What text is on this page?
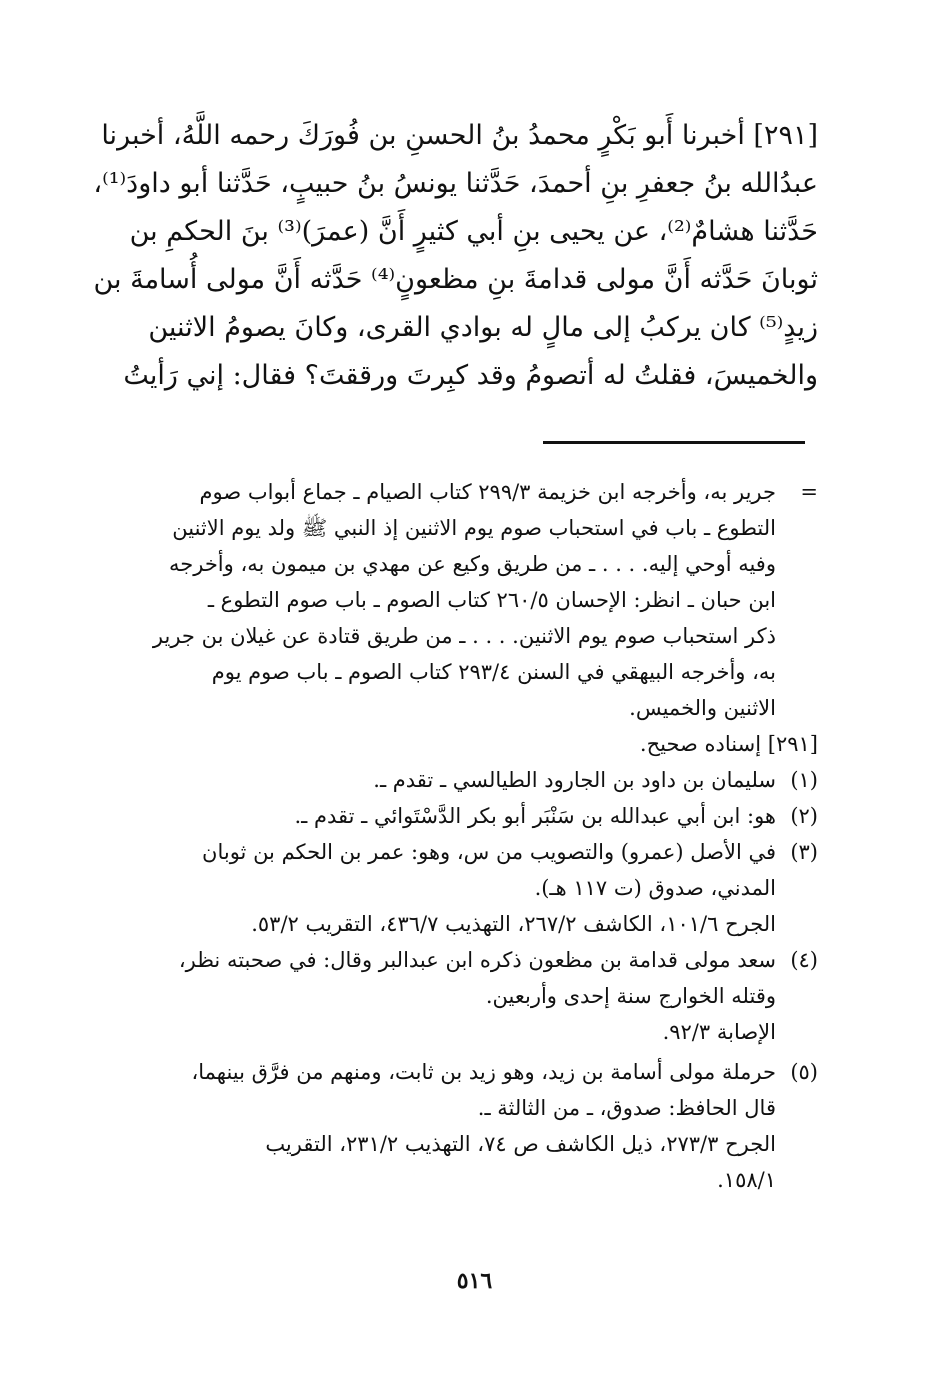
[٢٩١] أخبرنا أَبو بَكْرٍ محمدُ بنُ الحسنِ بن فُورَكَ رحمه اللَّهُ، أخبرنا
عبدُالله بنُ جعفرِ بنِ أحمدَ، حَدَّثنا يونسُ بنُ حبيبٍ، حَدَّثنا أبو داودَ⁽¹⁾،
حَدَّثنا هشامٌ⁽²⁾، عن يحيى بنِ أبي كثيرٍ أَنَّ (عمرَ)⁽³⁾ بنَ الحكمِ بن
ثوبانَ حَدَّثه أَنَّ مولى قدامةَ بنِ مظعونٍ⁽⁴⁾ حَدَّثه أَنَّ مولى أُسامةَ بن
زيدٍ⁽⁵⁾ كان يركبُ إلى مالٍ له بوادي القرى، وكانَ يصومُ الاثنين
والخميسَ، فقلتُ له أتصومُ وقد كبِرتَ ورققتَ؟ فقال: إني رَأيتُ
=
جرير به، وأخرجه ابن خزيمة ٢٩٩/٣ كتاب الصيام ـ جماع أبواب صوم
التطوع ـ باب في استحباب صوم يوم الاثنين إذ النبي ﷺ ولد يوم الاثنين
وفيه أوحي إليه. . . . ـ من طريق وكيع عن مهدي بن ميمون به، وأخرجه
ابن حبان ـ انظر: الإحسان ٢٦٠/٥ كتاب الصوم ـ باب صوم التطوع ـ
ذكر استحباب صوم يوم الاثنين. . . . ـ من طريق قتادة عن غيلان بن جرير
به، وأخرجه البيهقي في السنن ٢٩٣/٤ كتاب الصوم ـ باب صوم يوم
الاثنين والخميس.
[٢٩١] إسناده صحيح.
(١)
سليمان بن داود بن الجارود الطيالسي ـ تقدم ـ.
(٢)
هو: ابن أبي عبدالله بن سَنْبَر أبو بكر الدَّسْتَوائي ـ تقدم ـ.
(٣)
في الأصل (عمرو) والتصويب من س، وهو: عمر بن الحكم بن ثوبان
المدني، صدوق (ت ١١٧ هـ).
الجرح ١٠١/٦، الكاشف ٢٦٧/٢، التهذيب ٤٣٦/٧، التقريب ٥٣/٢.
(٤)
سعد مولى قدامة بن مظعون ذكره ابن عبدالبر وقال: في صحبته نظر،
وقتله الخوارج سنة إحدى وأربعين.
الإصابة ٩٢/٣.
(٥)
حرملة مولى أسامة بن زيد، وهو زيد بن ثابت، ومنهم من فرَّق بينهما،
قال الحافظ: صدوق، ـ من الثالثة ـ.
الجرح ٢٧٣/٣، ذيل الكاشف ص ٧٤، التهذيب ٢٣١/٢، التقريب
١٥٨/١.
٥١٦
